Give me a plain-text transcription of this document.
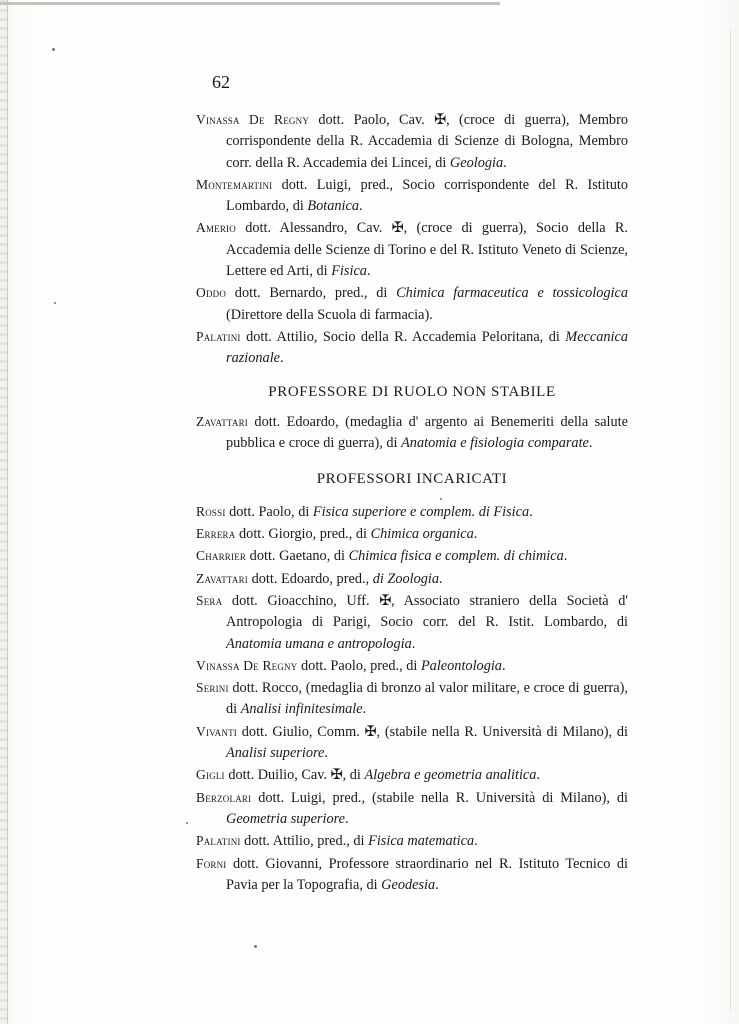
62

Vinassa De Regny dott. Paolo, Cav. ✠, (croce di guerra), Membro corrispondente della R. Accademia di Scienze di Bologna, Membro corr. della R. Accademia dei Lincei, di Geologia.

Montemartini dott. Luigi, pred., Socio corrispondente del R. Istituto Lombardo, di Botanica.

Amerio dott. Alessandro, Cav. ✠, (croce di guerra), Socio della R. Accademia delle Scienze di Torino e del R. Istituto Veneto di Scienze, Lettere ed Arti, di Fisica.

Oddo dott. Bernardo, pred., di Chimica farmaceutica e tossicologica (Direttore della Scuola di farmacia).

Palatini dott. Attilio, Socio della R. Accademia Peloritana, di Meccanica razionale.

PROFESSORE DI RUOLO NON STABILE

Zavattari dott. Edoardo, (medaglia d' argento ai Benemeriti della salute pubblica e croce di guerra), di Anatomia e fisiologia comparate.

PROFESSORI INCARICATI

Rossi dott. Paolo, di Fisica superiore e complem. di Fisica.

Errera dott. Giorgio, pred., di Chimica organica.

Charrier dott. Gaetano, di Chimica fisica e complem. di chimica.

Zavattari dott. Edoardo, pred., di Zoologia.

Sera dott. Gioacchino, Uff. ✠, Associato straniero della Società d' Antropologia di Parigi, Socio corr. del R. Istit. Lombardo, di Anatomia umana e antropologia.

Vinassa De Regny dott. Paolo, pred., di Paleontologia.

Serini dott. Rocco, (medaglia di bronzo al valor militare, e croce di guerra), di Analisi infinitesimale.

Vivanti dott. Giulio, Comm. ✠, (stabile nella R. Università di Milano), di Analisi superiore.

Gigli dott. Duilio, Cav. ✠, di Algebra e geometria analitica.

Berzolari dott. Luigi, pred., (stabile nella R. Università di Milano), di Geometria superiore.

Palatini dott. Attilio, pred., di Fisica matematica.

Forni dott. Giovanni, Professore straordinario nel R. Istituto Tecnico di Pavia per la Topografia, di Geodesia.
